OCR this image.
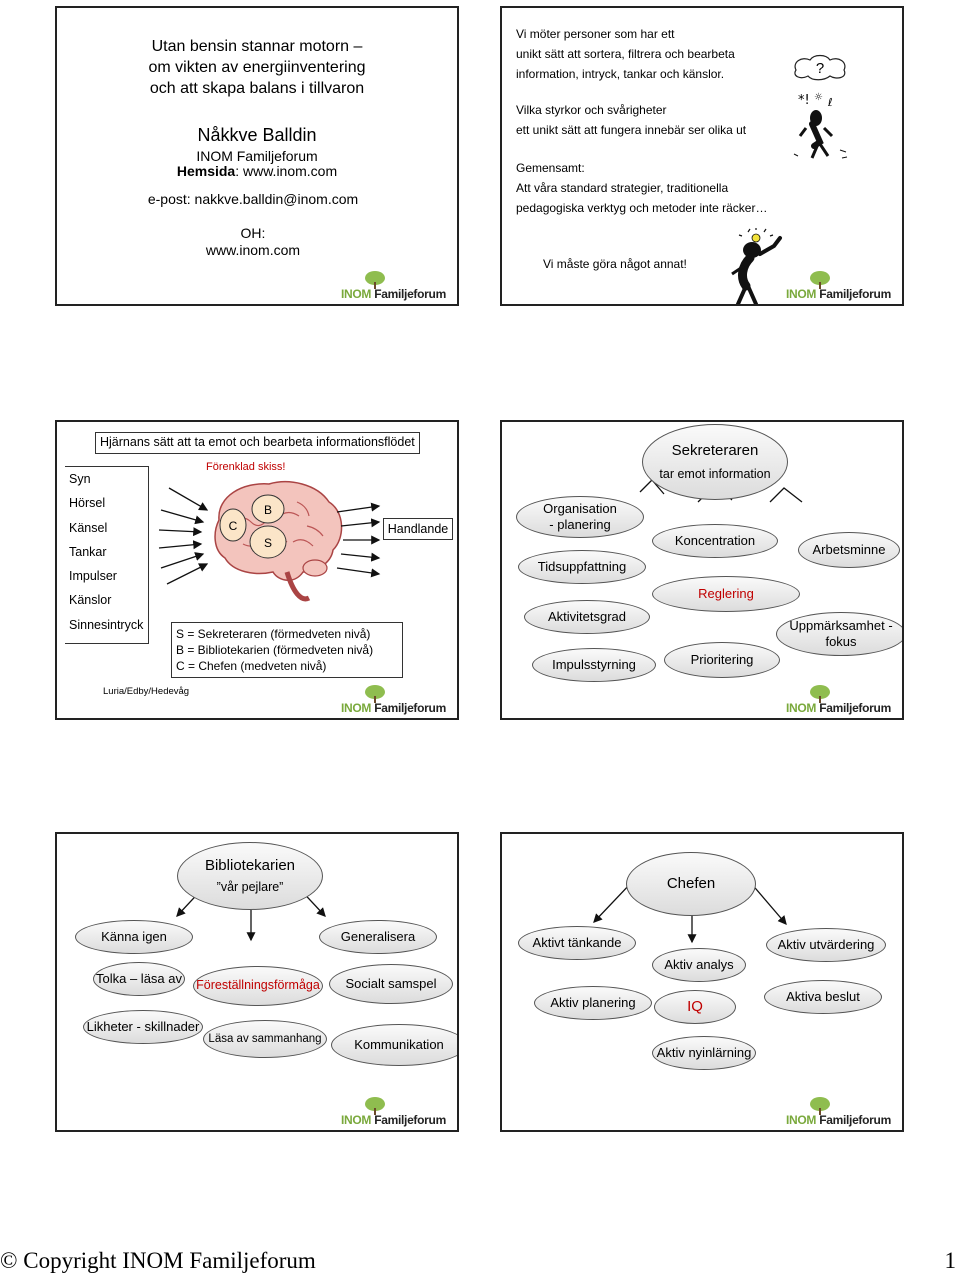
Utan bensin stannar motorn –
om vikten av energiinventering
och att skapa balans i tillvaron
Nåkkve Balldin
INOM Familjeforum
Hemsida: www.inom.com
e-post: nakkve.balldin@inom.com
OH:
www.inom.com
INOM Familjeforum
Vi möter personer som har ett
unikt sätt att sortera, filtrera och bearbeta
information, intryck, tankar och känslor.
Vilka styrkor och svårigheter
ett unikt sätt att fungera innebär ser olika ut
Gemensamt:
Att våra standard strategier, traditionella
pedagogiska verktyg och metoder inte räcker…
Vi måste göra något annat!
?
*! ☼ ℓ
INOM Familjeforum
Hjärnans sätt att ta emot och bearbeta informationsflödet
Förenklad skiss!
Syn
Hörsel
Känsel
Tankar
Impulser
Känslor
Sinnesintryck
B
C
S
Handlande
S = Sekreteraren (förmedveten nivå)
B = Bibliotekarien (förmedveten nivå)
C = Chefen (medveten nivå)
Luria/Edby/Hedevåg
INOM Familjeforum
Sekreteraren
tar emot information
Organisation
- planering
Tidsuppfattning
Aktivitetsgrad
Impulsstyrning
Koncentration
Reglering
Prioritering
Arbetsminne
Uppmärksamhet -
fokus
INOM Familjeforum
Bibliotekarien
”vår pejlare”
Känna igen	Generalisera
Tolka – läsa av Föreställningsförmåga	Socialt samspel
Likheter - skillnader
Läsa av sammanhang	Kommunikation
INOM Familjeforum
Chefen
Aktivt tänkande
Aktiv analys
Aktiv utvärdering
Aktiv planering	IQ
Aktiva beslut
Aktiv nyinlärning
INOM Familjeforum
© Copyright INOM Familjeforum	1
